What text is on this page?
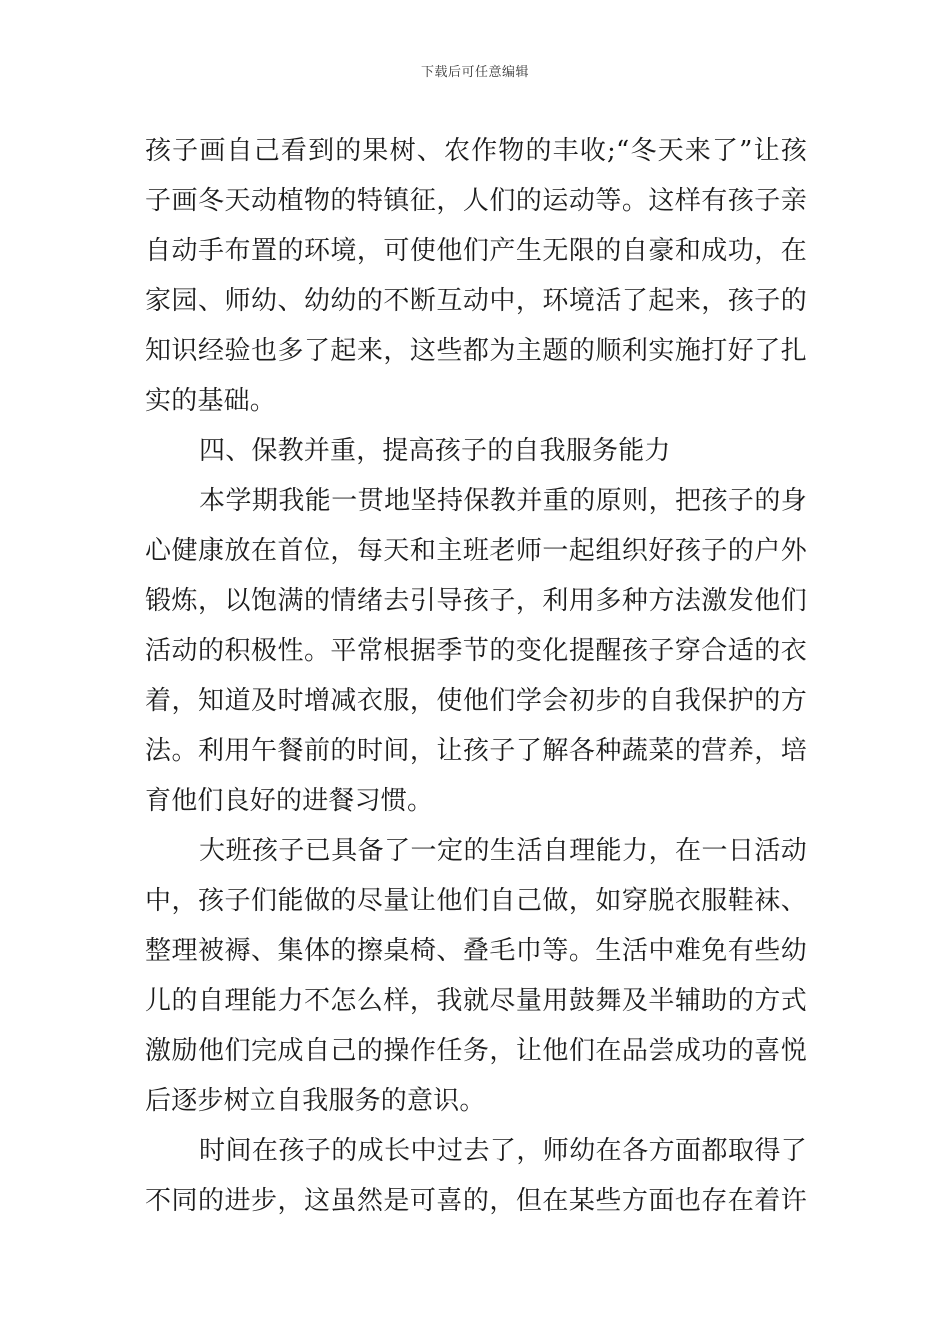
下载后可任意编辑
孩子画自己看到的果树、农作物的丰收;“冬天来了”让孩
子画冬天动植物的特镇征，人们的运动等。这样有孩子亲
自动手布置的环境，可使他们产生无限的自豪和成功，在
家园、师幼、幼幼的不断互动中，环境活了起来，孩子的
知识经验也多了起来，这些都为主题的顺利实施打好了扎
实的基础。
四、保教并重，提高孩子的自我服务能力
本学期我能一贯地坚持保教并重的原则，把孩子的身
心健康放在首位，每天和主班老师一起组织好孩子的户外
锻炼，以饱满的情绪去引导孩子，利用多种方法激发他们
活动的积极性。平常根据季节的变化提醒孩子穿合适的衣
着，知道及时增减衣服，使他们学会初步的自我保护的方
法。利用午餐前的时间，让孩子了解各种蔬菜的营养，培
育他们良好的进餐习惯。
大班孩子已具备了一定的生活自理能力，在一日活动
中，孩子们能做的尽量让他们自己做，如穿脱衣服鞋袜、
整理被褥、集体的擦桌椅、叠毛巾等。生活中难免有些幼
儿的自理能力不怎么样，我就尽量用鼓舞及半辅助的方式
激励他们完成自己的操作任务，让他们在品尝成功的喜悦
后逐步树立自我服务的意识。
时间在孩子的成长中过去了，师幼在各方面都取得了
不同的进步，这虽然是可喜的，但在某些方面也存在着许
